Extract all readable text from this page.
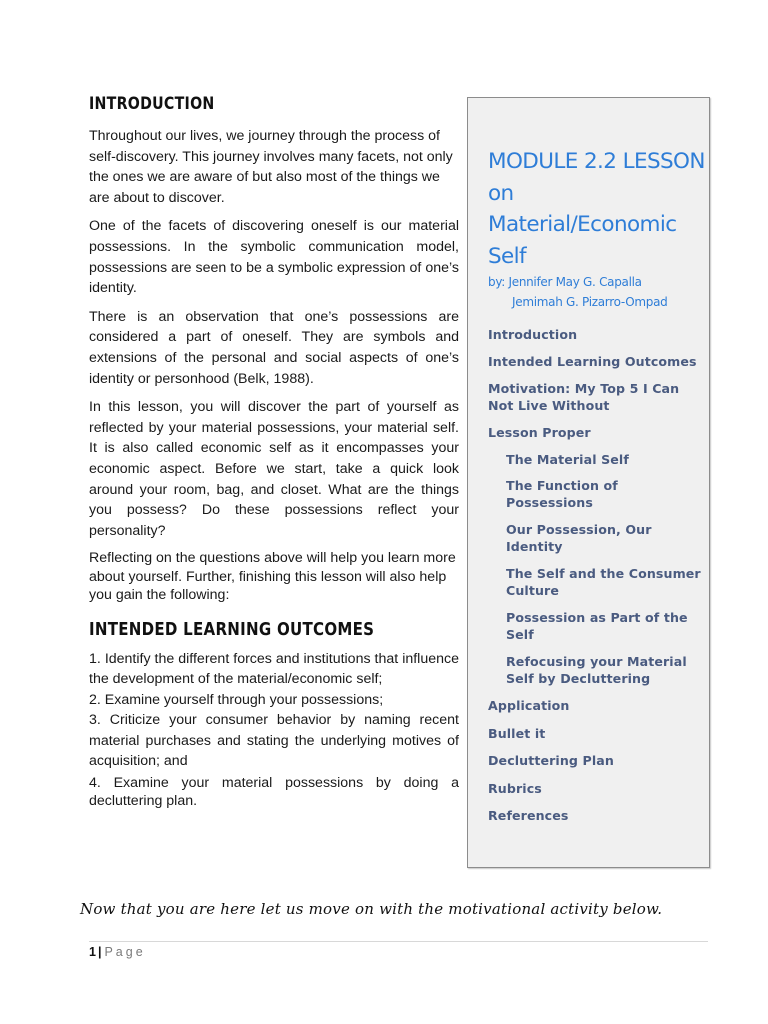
INTRODUCTION

Throughout our lives, we journey through the process of self-discovery. This journey involves many facets, not only the ones we are aware of but also most of the things we are about to discover.

One of the facets of discovering oneself is our material possessions. In the symbolic communication model, possessions are seen to be a symbolic expression of one’s identity.

There is an observation that one’s possessions are considered a part of oneself. They are symbols and extensions of the personal and social aspects of one’s identity or personhood (Belk, 1988).

In this lesson, you will discover the part of yourself as reflected by your material possessions, your material self. It is also called economic self as it encompasses your economic aspect. Before we start, take a quick look around your room, bag, and closet. What are the things you possess? Do these possessions reflect your personality?

Reflecting on the questions above will help you learn more about yourself. Further, finishing this lesson will also help you gain the following:

INTENDED LEARNING OUTCOMES

1. Identify the different forces and institutions that influence the development of the material/economic self;

2. Examine yourself through your possessions;

3. Criticize your consumer behavior by naming recent material purchases and stating the underlying motives of acquisition; and

4. Examine your material possessions by doing a decluttering plan.

MODULE 2.2 LESSON on Material/Economic Self
by: Jennifer May G. Capalla
Jemimah G. Pizarro-Ompad
Introduction
Intended Learning Outcomes
Motivation: My Top 5 I Can Not Live Without
Lesson Proper
The Material Self
The Function of Possessions
Our Possession, Our Identity
The Self and the Consumer Culture
Possession as Part of the Self
Refocusing your Material Self by Decluttering
Application
Bullet it
Decluttering Plan
Rubrics
References
Now that you are here let us move on with the motivational activity below.
1 | Page
